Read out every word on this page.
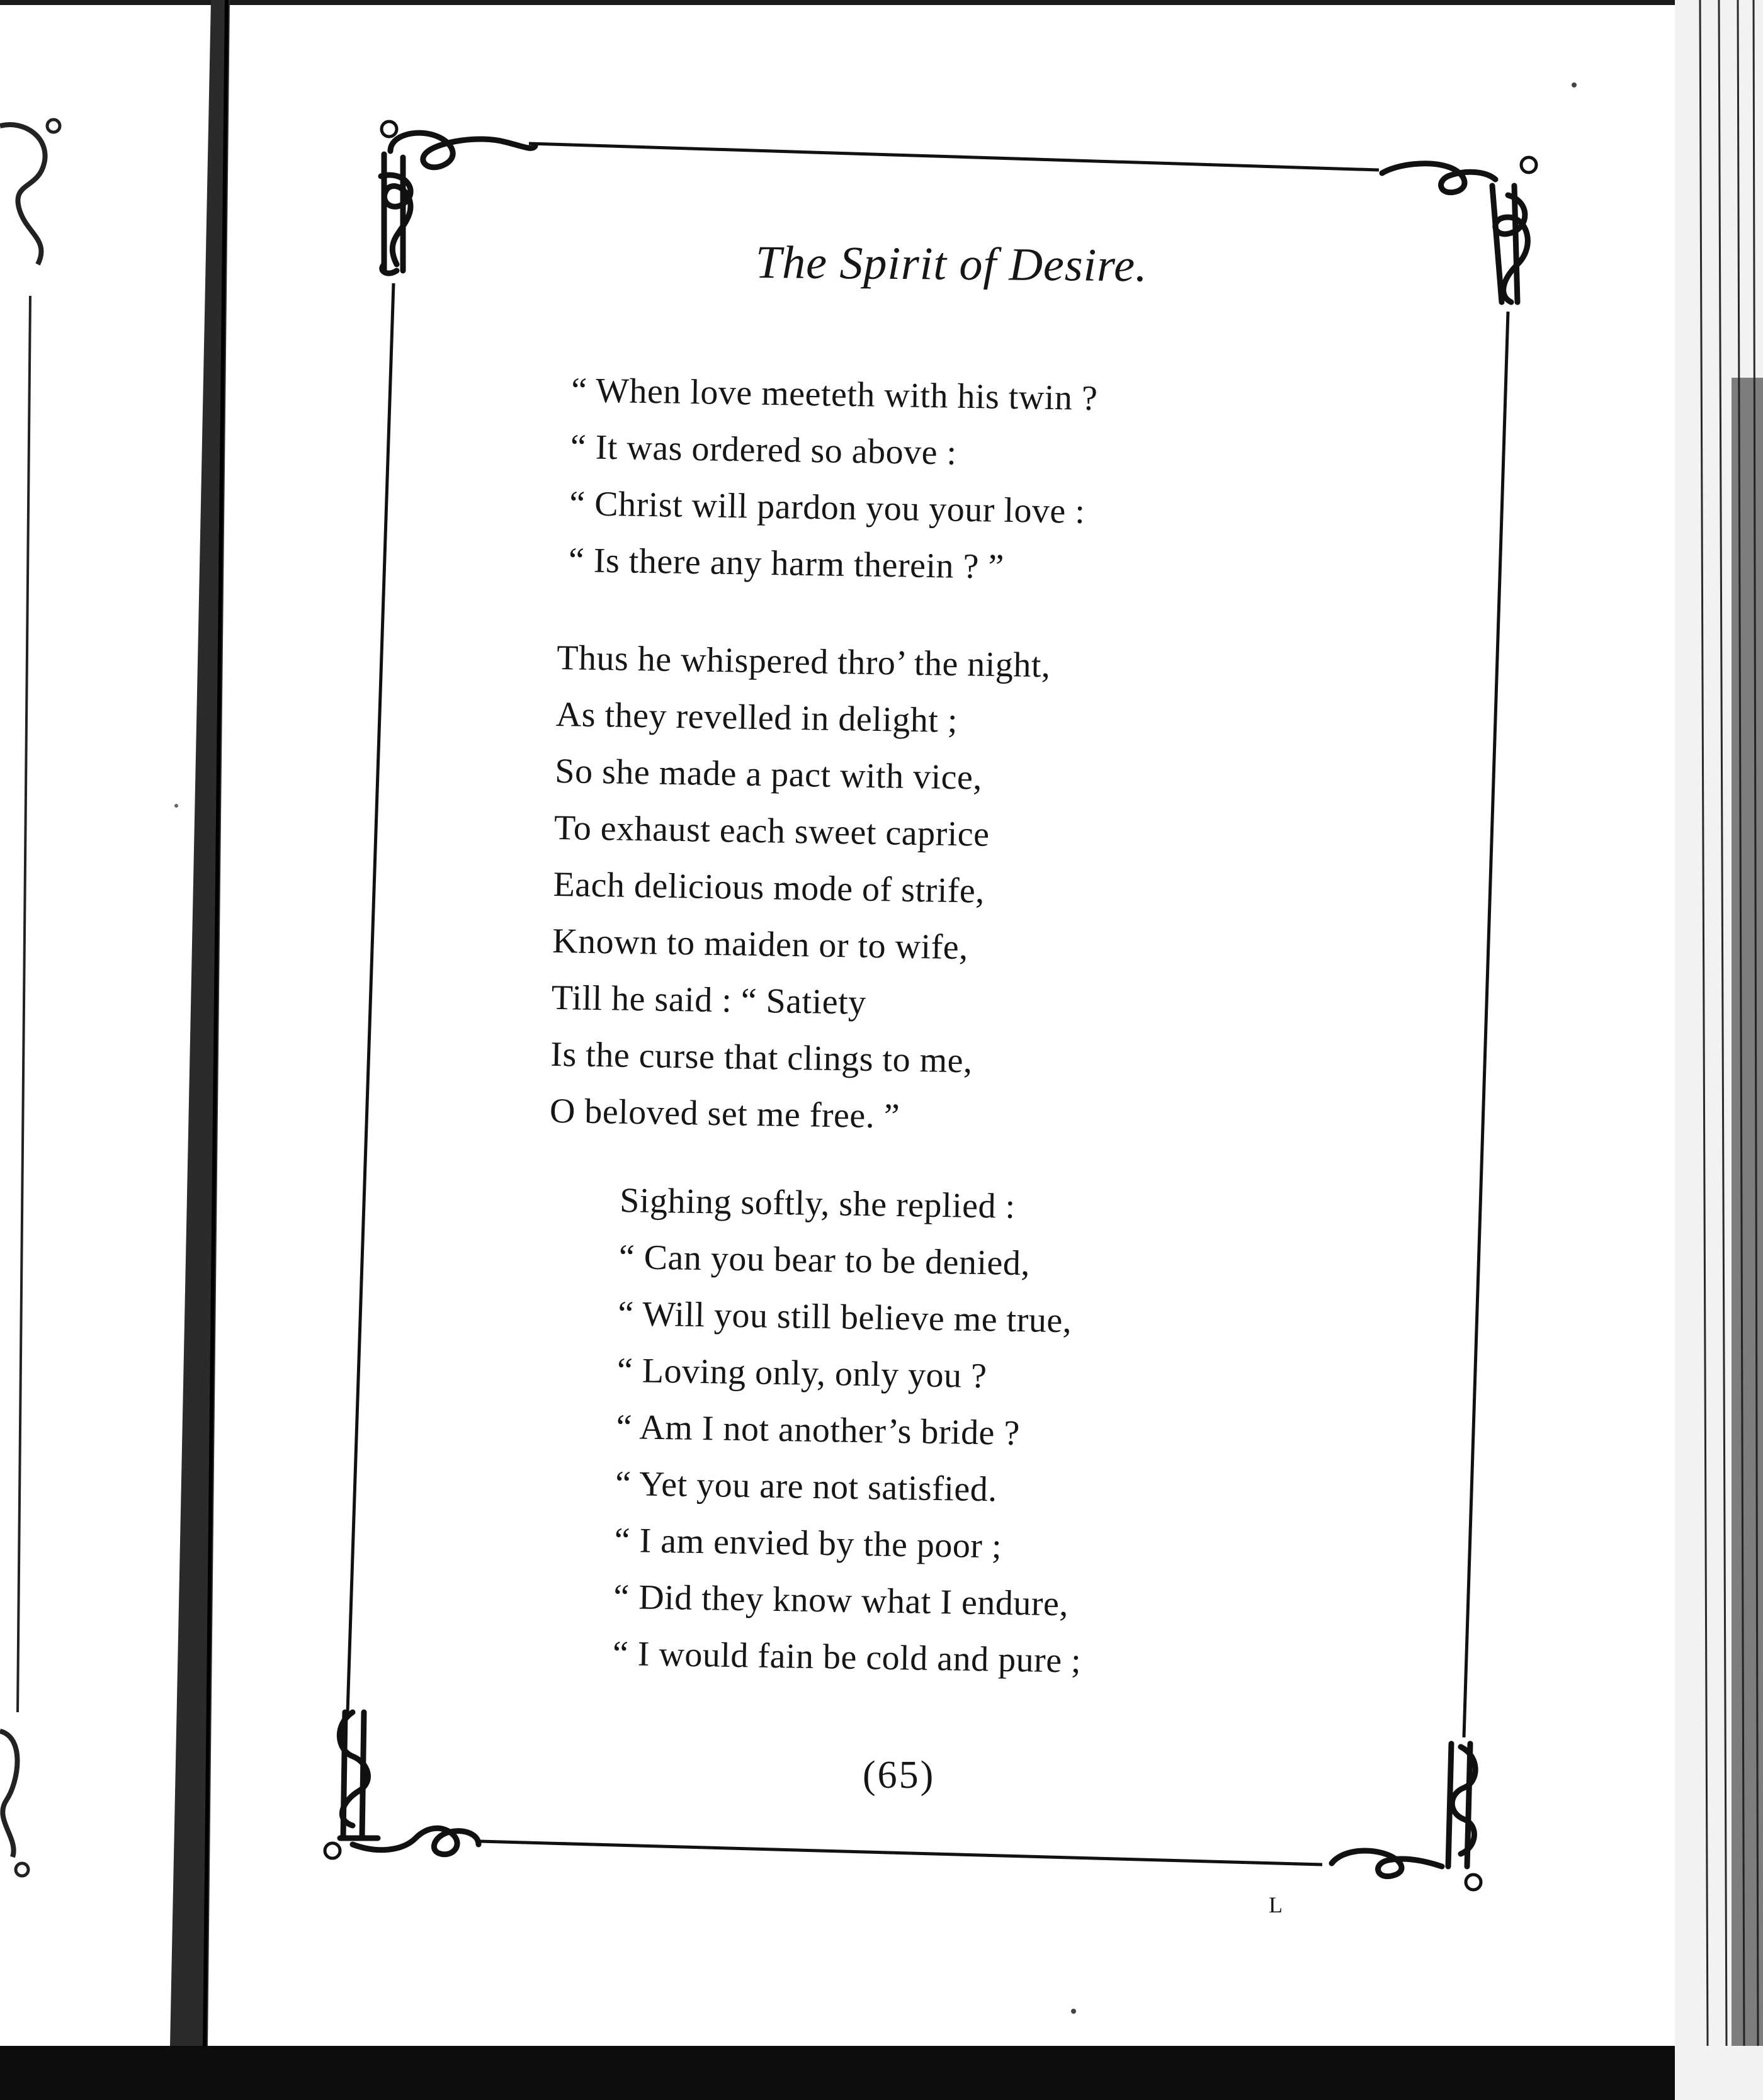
The Spirit of Desire.
“ When love meeteth with his twin ?
“ It was ordered so above :
“ Christ will pardon you your love :
“ Is there any harm therein ? ”
Thus he whispered thro’ the night,
As they revelled in delight ;
So she made a pact with vice,
To exhaust each sweet caprice
Each delicious mode of strife,
Known to maiden or to wife,
Till he said : “ Satiety
Is the curse that clings to me,
O beloved set me free. ”
Sighing softly, she replied :
“ Can you bear to be denied,
“ Will you still believe me true,
“ Loving only, only you ?
“ Am I not another’s bride ?
“ Yet you are not satisfied.
“ I am envied by the poor ;
“ Did they know what I endure,
“ I would fain be cold and pure ;
(65)
L
